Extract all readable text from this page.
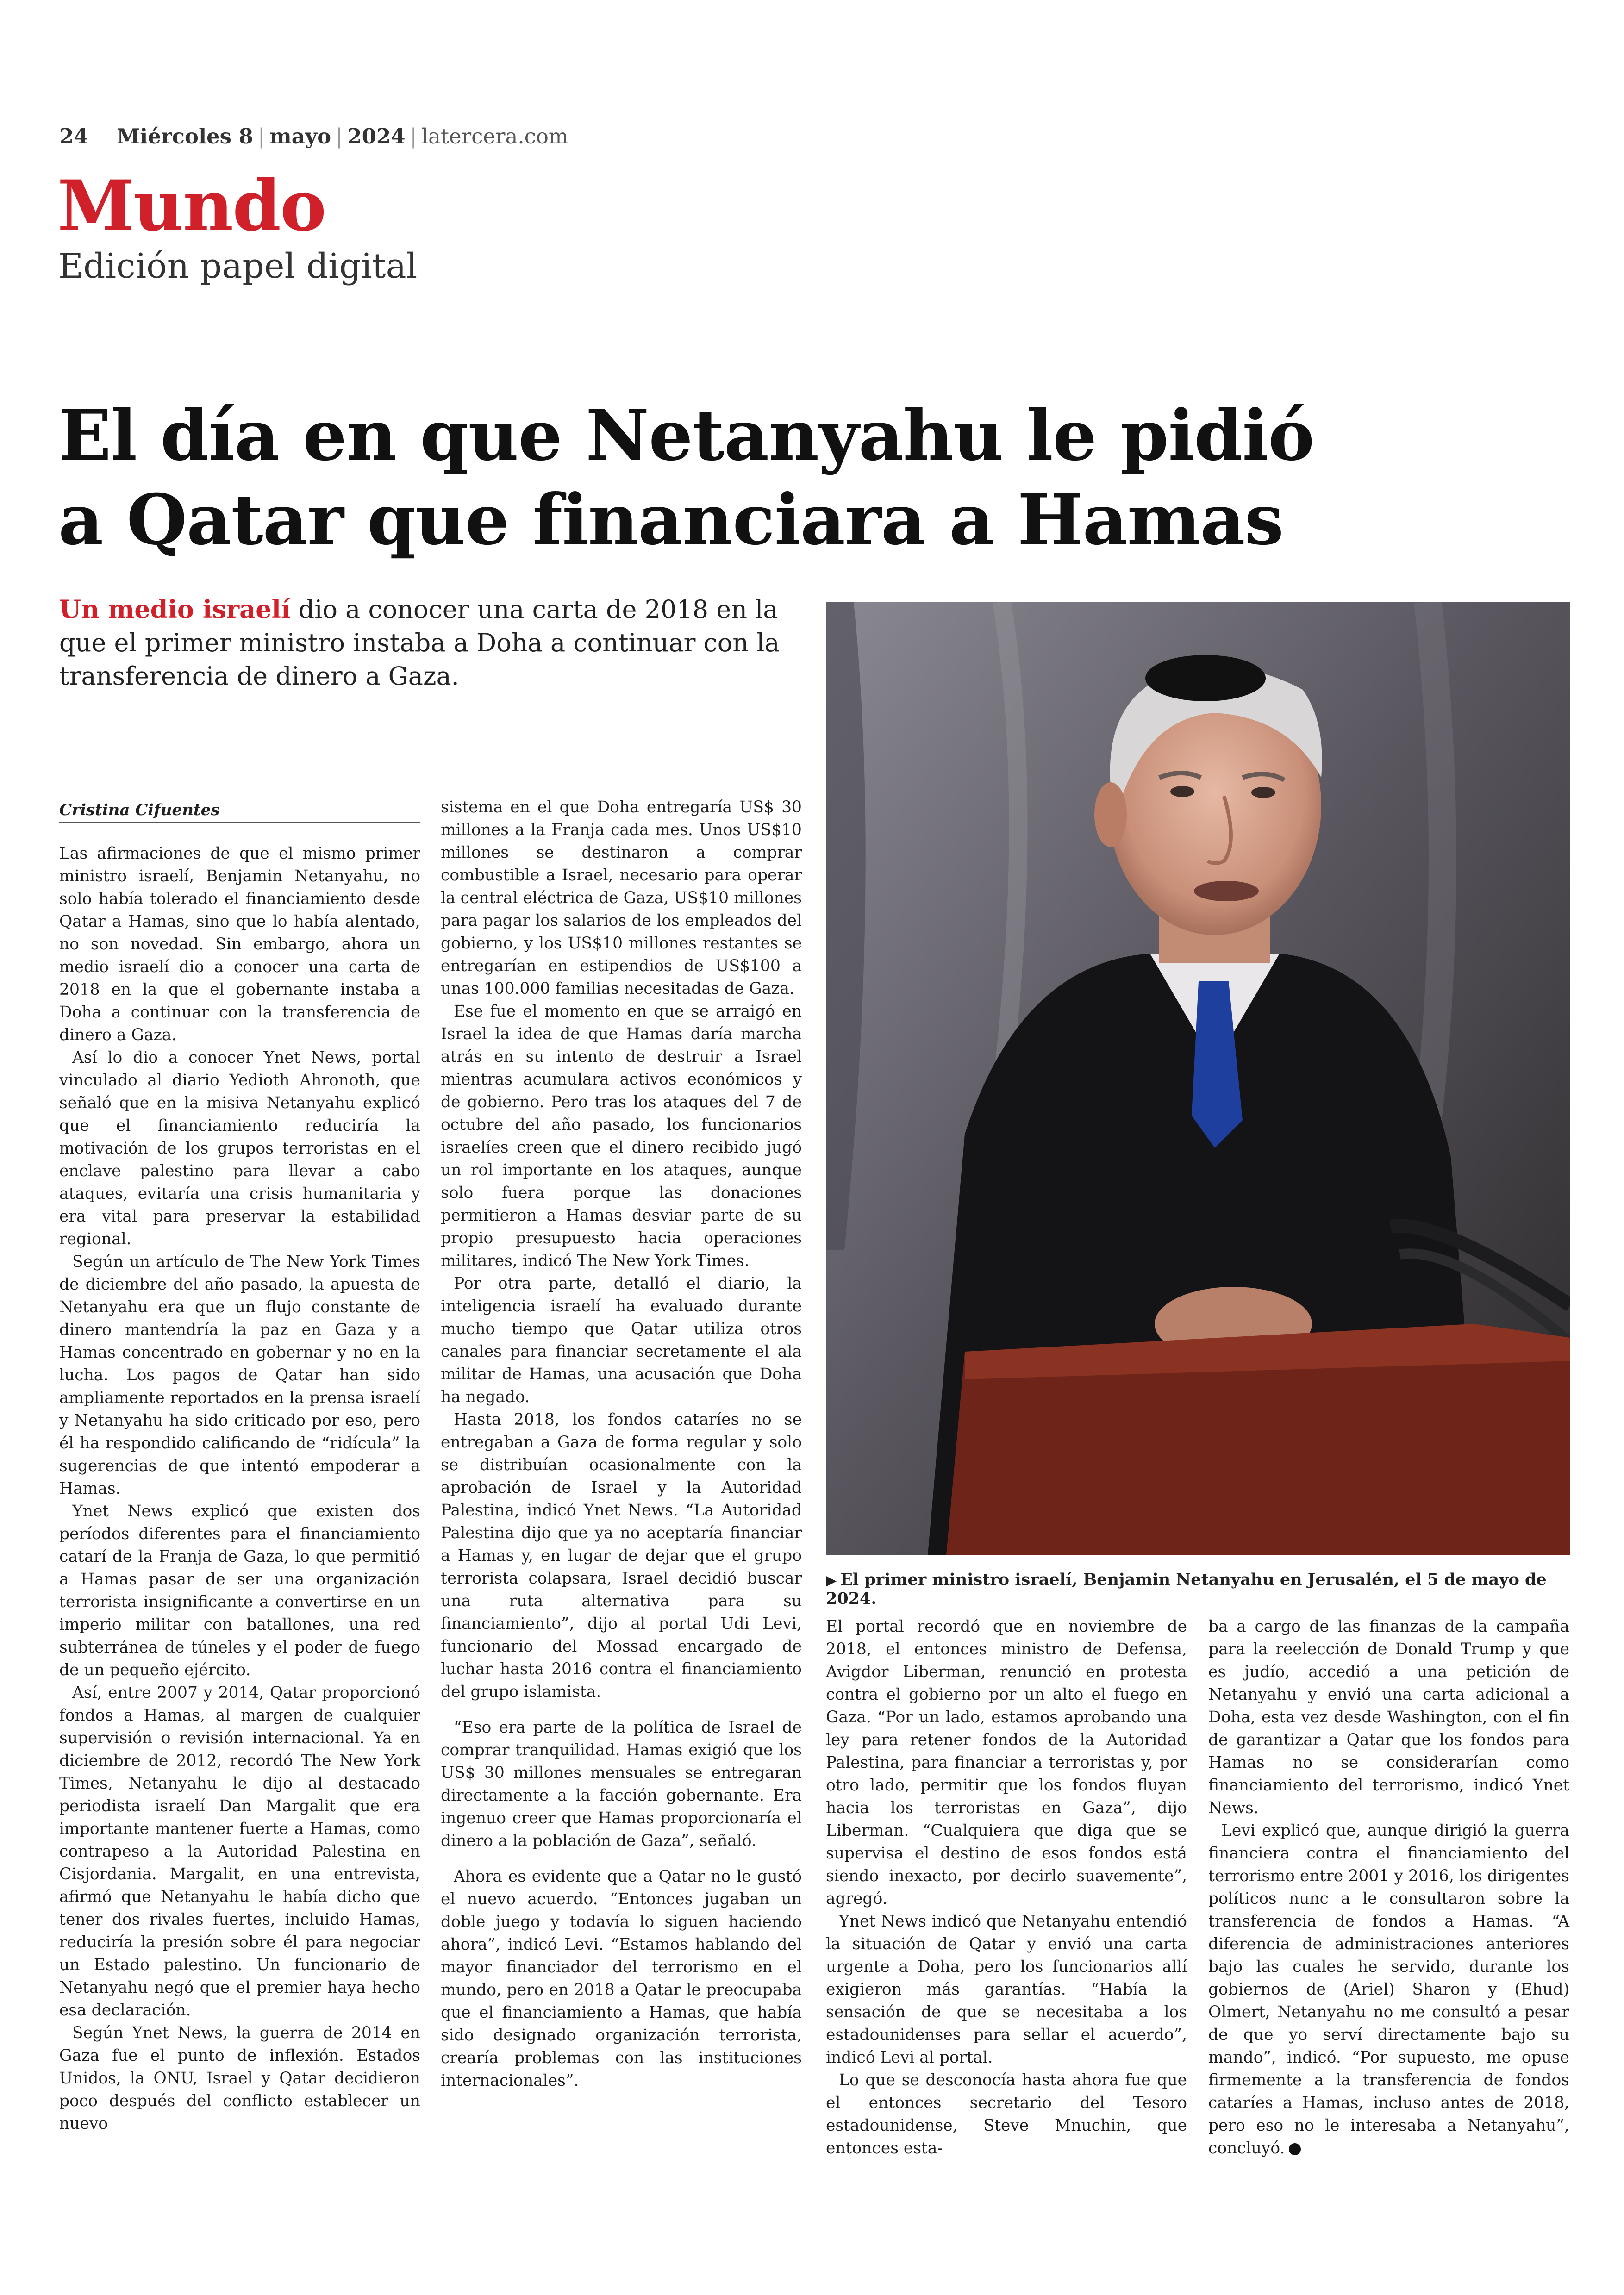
24 Miércoles 8 | mayo | 2024 | latercera.com
Mundo
Edición papel digital
El día en que Netanyahu le pidió
a Qatar que financiara a Hamas
Un medio israelí dio a conocer una carta de 2018 en la que el primer ministro instaba a Doha a continuar con la transferencia de dinero a Gaza.
Cristina Cifuentes

Las afirmaciones de que el mismo primer ministro israelí, Benjamin Netanyahu, no solo había tolerado el financiamiento desde Qatar a Hamas, sino que lo había alentado, no son novedad. Sin embargo, ahora un medio israelí dio a conocer una carta de 2018 en la que el gobernante instaba a Doha a continuar con la transferencia de dinero a Gaza.

Así lo dio a conocer Ynet News, portal vinculado al diario Yedioth Ahronoth, que señaló que en la misiva Netanyahu explicó que el financiamiento reduciría la motivación de los grupos terroristas en el enclave palestino para llevar a cabo ataques, evitaría una crisis humanitaria y era vital para preservar la estabilidad regional.

Según un artículo de The New York Times de diciembre del año pasado, la apuesta de Netanyahu era que un flujo constante de dinero mantendría la paz en Gaza y a Hamas concentrado en gobernar y no en la lucha. Los pagos de Qatar han sido ampliamente reportados en la prensa israelí y Netanyahu ha sido criticado por eso, pero él ha respondido calificando de “ridícula” la sugerencias de que intentó empoderar a Hamas.

Ynet News explicó que existen dos períodos diferentes para el financiamiento catarí de la Franja de Gaza, lo que permitió a Hamas pasar de ser una organización terrorista insignificante a convertirse en un imperio militar con batallones, una red subterránea de túneles y el poder de fuego de un pequeño ejército.

Así, entre 2007 y 2014, Qatar proporcionó fondos a Hamas, al margen de cualquier supervisión o revisión internacional. Ya en diciembre de 2012, recordó The New York Times, Netanyahu le dijo al destacado periodista israelí Dan Margalit que era importante mantener fuerte a Hamas, como contrapeso a la Autoridad Palestina en Cisjordania. Margalit, en una entrevista, afirmó que Netanyahu le había dicho que tener dos rivales fuertes, incluido Hamas, reduciría la presión sobre él para negociar un Estado palestino. Un funcionario de Netanyahu negó que el premier haya hecho esa declaración.

Según Ynet News, la guerra de 2014 en Gaza fue el punto de inflexión. Estados Unidos, la ONU, Israel y Qatar decidieron poco después del conflicto establecer un nuevo

sistema en el que Doha entregaría US$ 30 millones a la Franja cada mes. Unos US$10 millones se destinaron a comprar combustible a Israel, necesario para operar la central eléctrica de Gaza, US$10 millones para pagar los salarios de los empleados del gobierno, y los US$10 millones restantes se entregarían en estipendios de US$100 a unas 100.000 familias necesitadas de Gaza.

Ese fue el momento en que se arraigó en Israel la idea de que Hamas daría marcha atrás en su intento de destruir a Israel mientras acumulara activos económicos y de gobierno. Pero tras los ataques del 7 de octubre del año pasado, los funcionarios israelíes creen que el dinero recibido jugó un rol importante en los ataques, aunque solo fuera porque las donaciones permitieron a Hamas desviar parte de su propio presupuesto hacia operaciones militares, indicó The New York Times.

Por otra parte, detalló el diario, la inteligencia israelí ha evaluado durante mucho tiempo que Qatar utiliza otros canales para financiar secretamente el ala militar de Hamas, una acusación que Doha ha negado.

Hasta 2018, los fondos cataríes no se entregaban a Gaza de forma regular y solo se distribuían ocasionalmente con la aprobación de Israel y la Autoridad Palestina, indicó Ynet News. “La Autoridad Palestina dijo que ya no aceptaría financiar a Hamas y, en lugar de dejar que el grupo terrorista colapsara, Israel decidió buscar una ruta alternativa para su financiamiento”, dijo al portal Udi Levi, funcionario del Mossad encargado de luchar hasta 2016 contra el financiamiento del grupo islamista.

“Eso era parte de la política de Israel de comprar tranquilidad. Hamas exigió que los US$ 30 millones mensuales se entregaran directamente a la facción gobernante. Era ingenuo creer que Hamas proporcionaría el dinero a la población de Gaza”, señaló.

Ahora es evidente que a Qatar no le gustó el nuevo acuerdo. “Entonces jugaban un doble juego y todavía lo siguen haciendo ahora”, indicó Levi. “Estamos hablando del mayor financiador del terrorismo en el mundo, pero en 2018 a Qatar le preocupaba que el financiamiento a Hamas, que había sido designado organización terrorista, crearía problemas con las instituciones internacionales”.

▶ El primer ministro israelí, Benjamin Netanyahu en Jerusalén, el 5 de mayo de 2024.

El portal recordó que en noviembre de 2018, el entonces ministro de Defensa, Avigdor Liberman, renunció en protesta contra el gobierno por un alto el fuego en Gaza. “Por un lado, estamos aprobando una ley para retener fondos de la Autoridad Palestina, para financiar a terroristas y, por otro lado, permitir que los fondos fluyan hacia los terroristas en Gaza”, dijo Liberman. “Cualquiera que diga que se supervisa el destino de esos fondos está siendo inexacto, por decirlo suavemente”, agregó.

Ynet News indicó que Netanyahu entendió la situación de Qatar y envió una carta urgente a Doha, pero los funcionarios allí exigieron más garantías. “Había la sensación de que se necesitaba a los estadounidenses para sellar el acuerdo”, indicó Levi al portal.

Lo que se desconocía hasta ahora fue que el entonces secretario del Tesoro estadounidense, Steve Mnuchin, que entonces esta-

ba a cargo de las finanzas de la campaña para la reelección de Donald Trump y que es judío, accedió a una petición de Netanyahu y envió una carta adicional a Doha, esta vez desde Washington, con el fin de garantizar a Qatar que los fondos para Hamas no se considerarían como financiamiento del terrorismo, indicó Ynet News.

Levi explicó que, aunque dirigió la guerra financiera contra el financiamiento del terrorismo entre 2001 y 2016, los dirigentes políticos nunc a le consultaron sobre la transferencia de fondos a Hamas. “A diferencia de administraciones anteriores bajo las cuales he servido, durante los gobiernos de (Ariel) Sharon y (Ehud) Olmert, Netanyahu no me consultó a pesar de que yo serví directamente bajo su mando”, indicó. “Por supuesto, me opuse firmemente a la transferencia de fondos cataríes a Hamas, incluso antes de 2018, pero eso no le interesaba a Netanyahu”, concluyó.
